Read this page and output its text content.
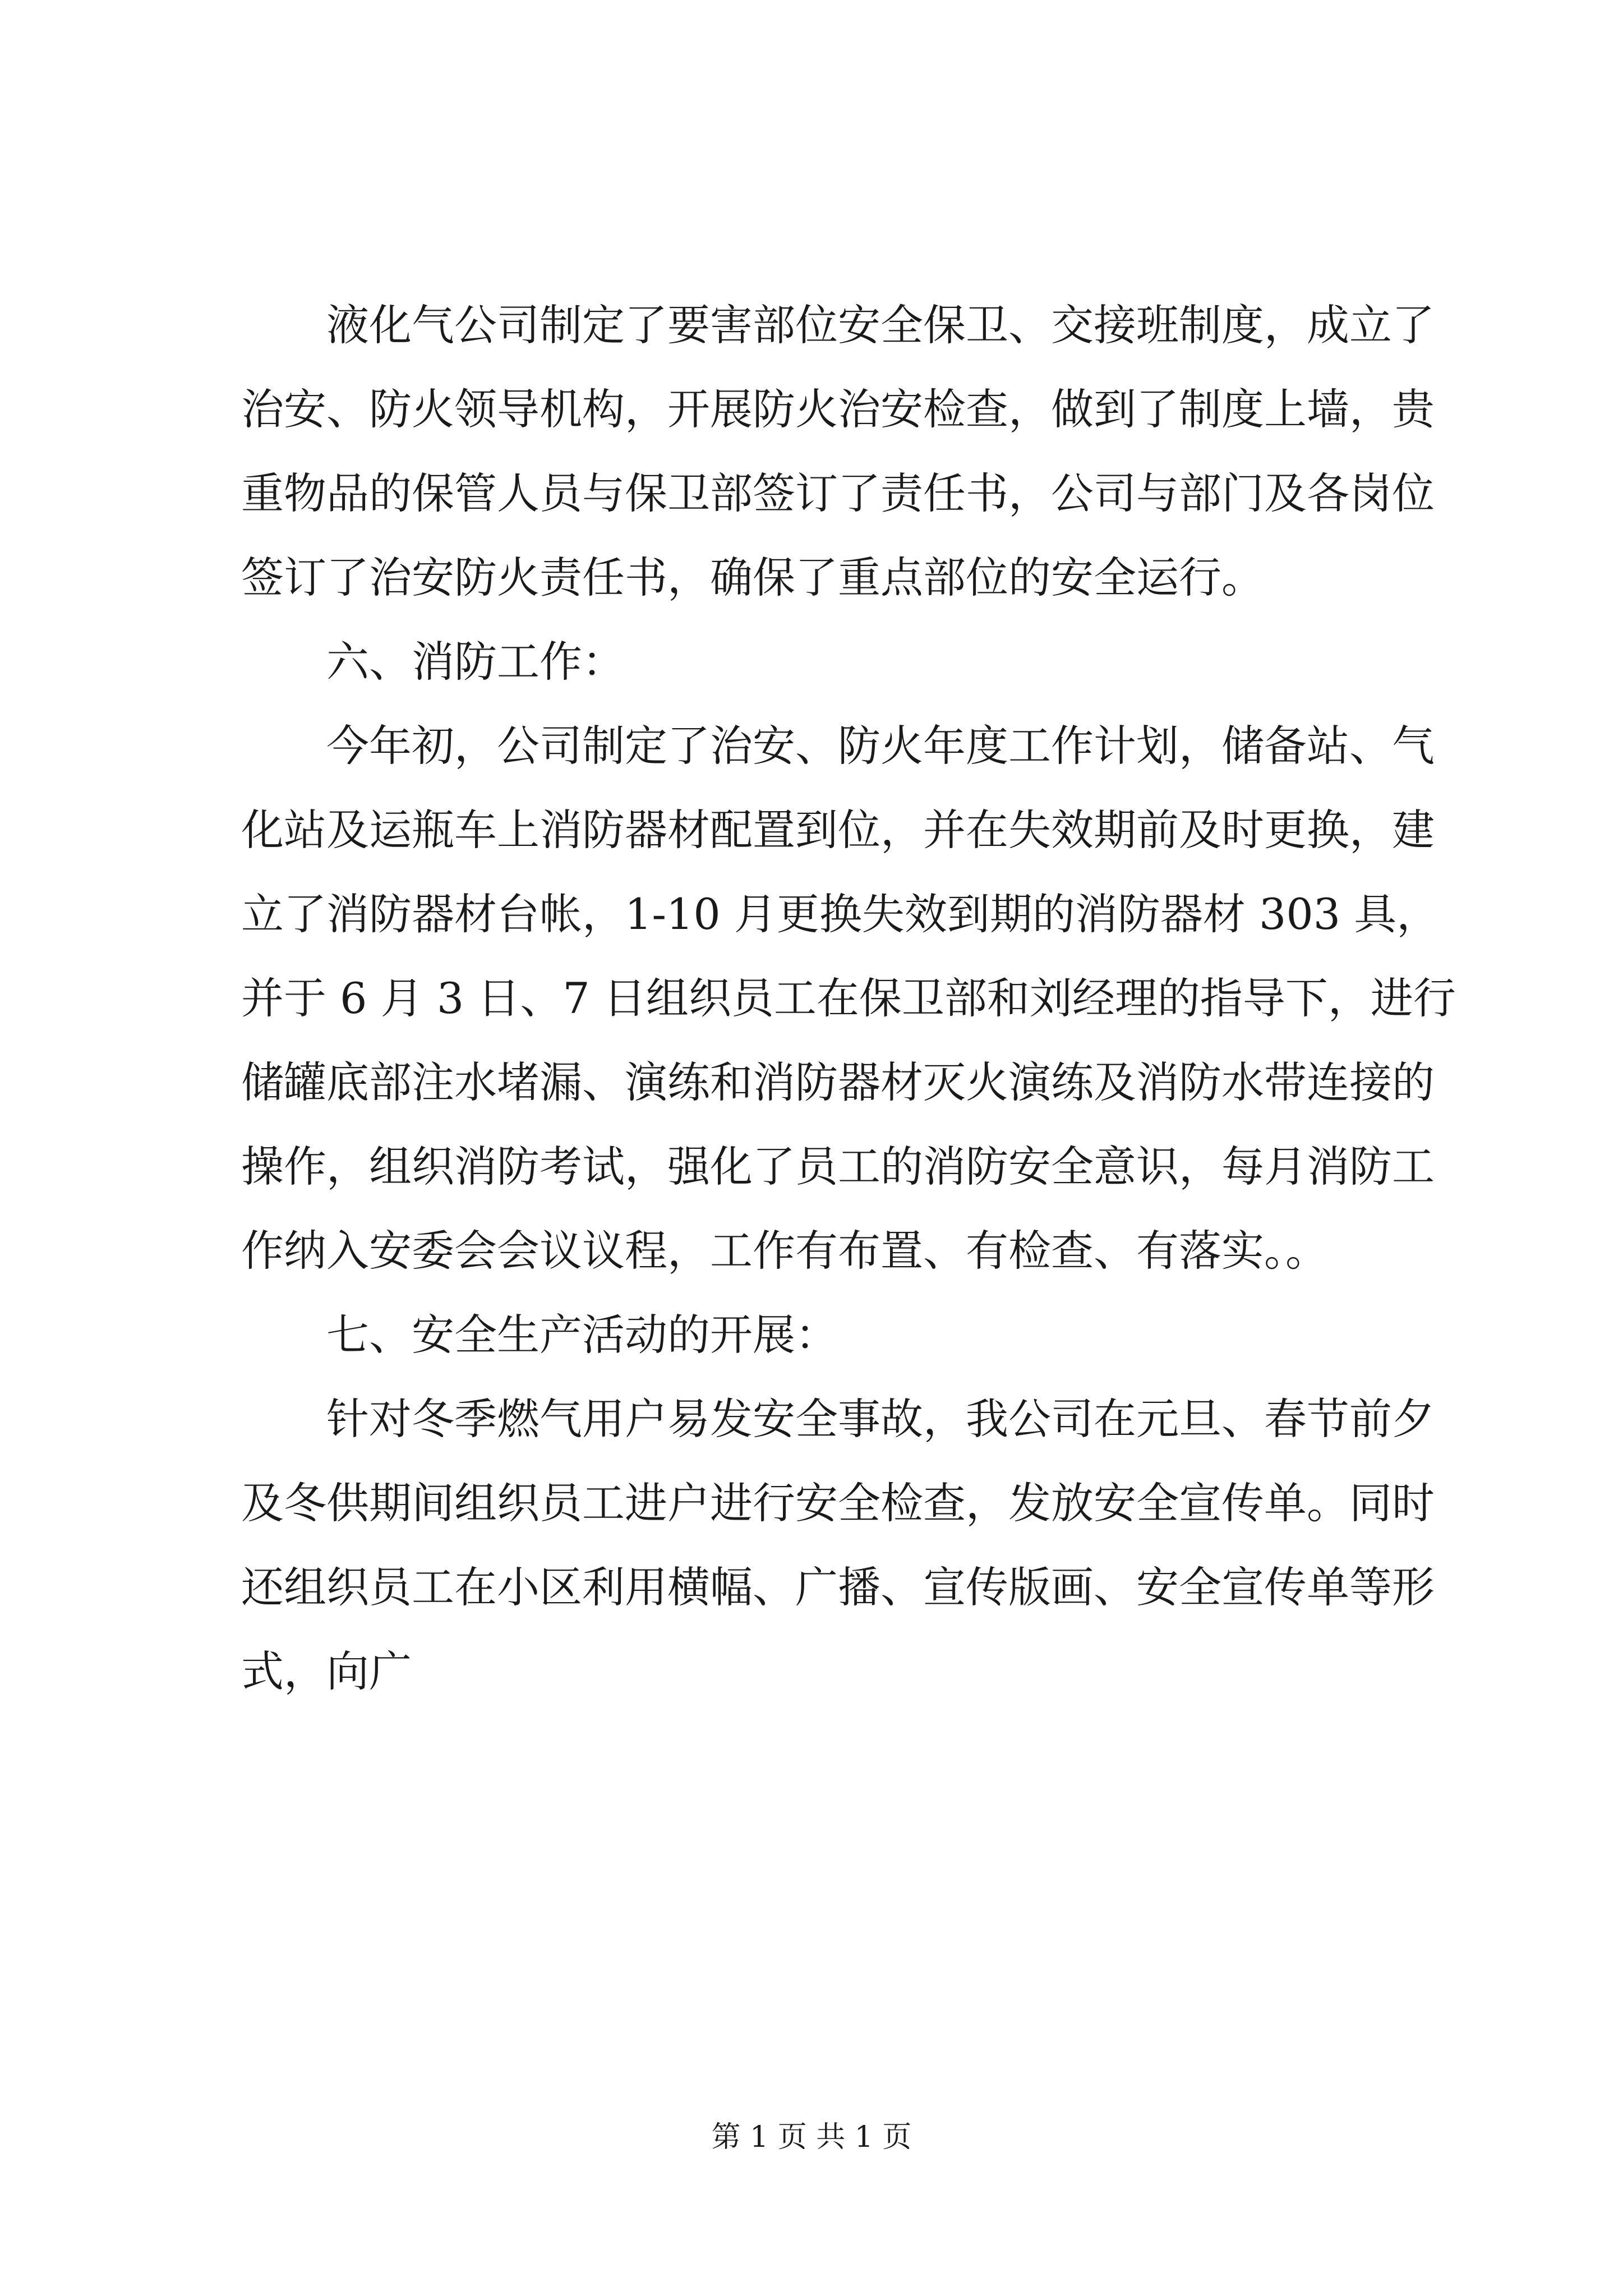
液化气公司制定了要害部位安全保卫、交接班制度，成立了
治安、防火领导机构，开展防火治安检查，做到了制度上墙，贵
重物品的保管人员与保卫部签订了责任书，公司与部门及各岗位
签订了治安防火责任书，确保了重点部位的安全运行。
六、消防工作：
今年初，公司制定了治安、防火年度工作计划，储备站、气
化站及运瓶车上消防器材配置到位，并在失效期前及时更换，建
立了消防器材台帐，1-10 月更换失效到期的消防器材 303 具，
并于 6 月 3 日、7 日组织员工在保卫部和刘经理的指导下，进行
储罐底部注水堵漏、演练和消防器材灭火演练及消防水带连接的
操作，组织消防考试，强化了员工的消防安全意识，每月消防工
作纳入安委会会议议程，工作有布置、有检查、有落实。。
七、安全生产活动的开展：
针对冬季燃气用户易发安全事故，我公司在元旦、春节前夕
及冬供期间组织员工进户进行安全检查，发放安全宣传单。同时
还组织员工在小区利用横幅、广播、宣传版画、安全宣传单等形
式，向广
第 1 页 共 1 页
